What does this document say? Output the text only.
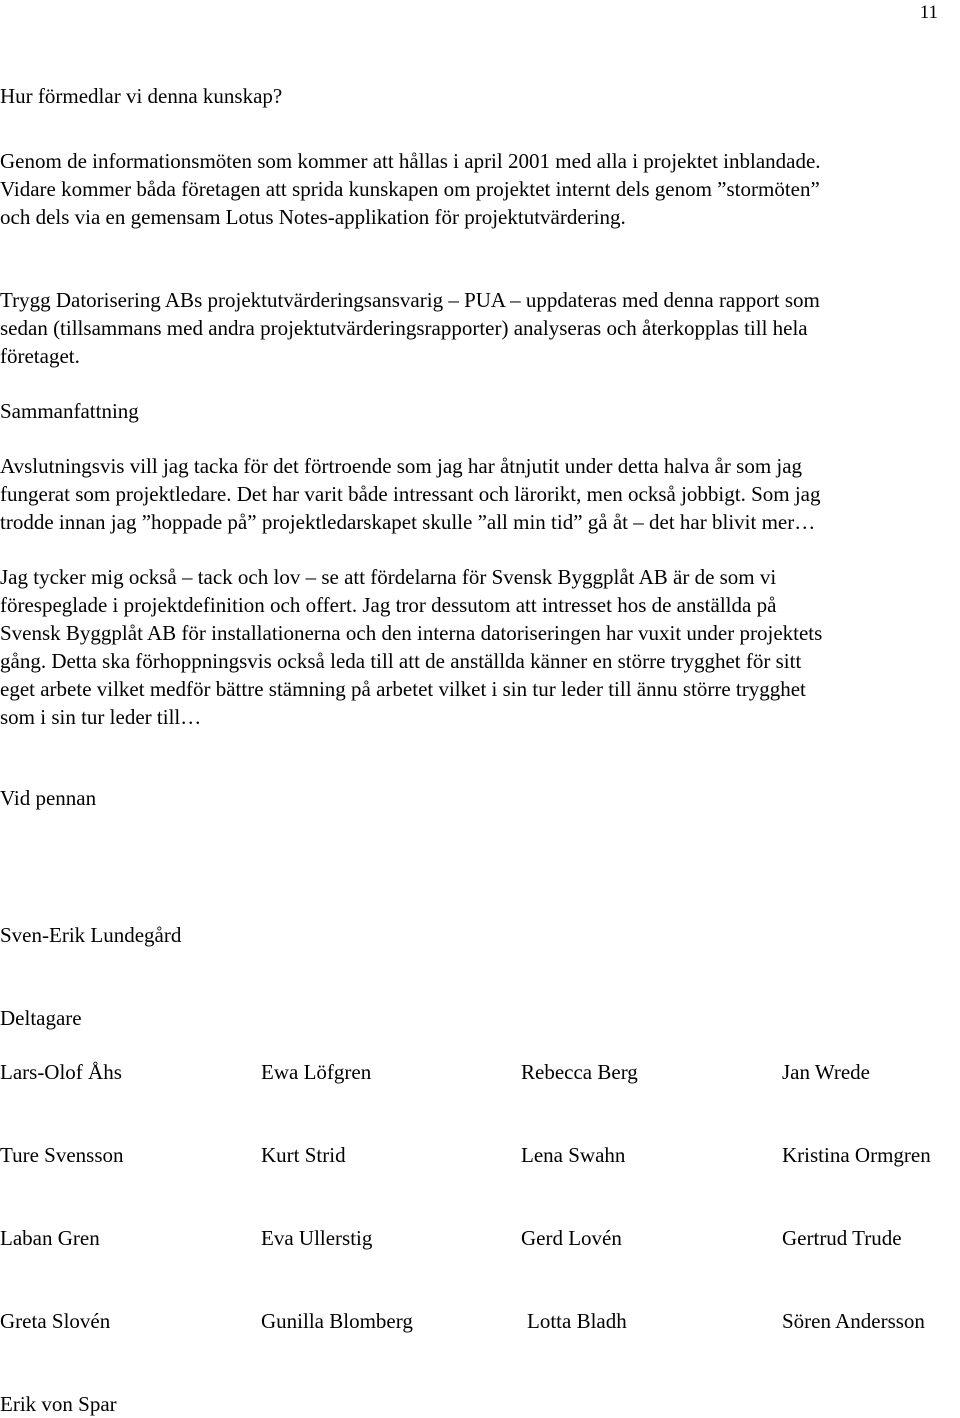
11

Hur förmedlar vi denna kunskap?

Genom de informationsmöten som kommer att hållas i april 2001 med alla i projektet inblandade.
Vidare kommer båda företagen att sprida kunskapen om projektet internt dels genom ”stormöten”
och dels via en gemensam Lotus Notes-applikation för projektutvärdering.

Trygg Datorisering ABs projektutvärderingsansvarig – PUA – uppdateras med denna rapport som
sedan (tillsammans med andra projektutvärderingsrapporter) analyseras och återkopplas till hela
företaget.

Sammanfattning

Avslutningsvis vill jag tacka för det förtroende som jag har åtnjutit under detta halva år som jag
fungerat som projektledare. Det har varit både intressant och lärorikt, men också jobbigt. Som jag
trodde innan jag ”hoppade på” projektledarskapet skulle ”all min tid” gå åt – det har blivit mer…

Jag tycker mig också – tack och lov – se att fördelarna för Svensk Byggplåt AB är de som vi
förespeglade i projektdefinition och offert. Jag tror dessutom att intresset hos de anställda på
Svensk Byggplåt AB för installationerna och den interna datoriseringen har vuxit under projektets
gång. Detta ska förhoppningsvis också leda till att de anställda känner en större trygghet för sitt
eget arbete vilket medför bättre stämning på arbetet vilket i sin tur leder till ännu större trygghet
som i sin tur leder till…

Vid pennan

Sven-Erik Lundegård

Deltagare

Lars-Olof Åhs	Ewa Löfgren	Rebecca Berg	Jan Wrede
Ture Svensson	Kurt Strid	Lena Swahn	Kristina Ormgren
Laban Gren	Eva Ullerstig	Gerd Lovén	Gertrud Trude
Greta Slovén	Gunilla Blomberg	Lotta Bladh	Sören Andersson
Erik von Spar
